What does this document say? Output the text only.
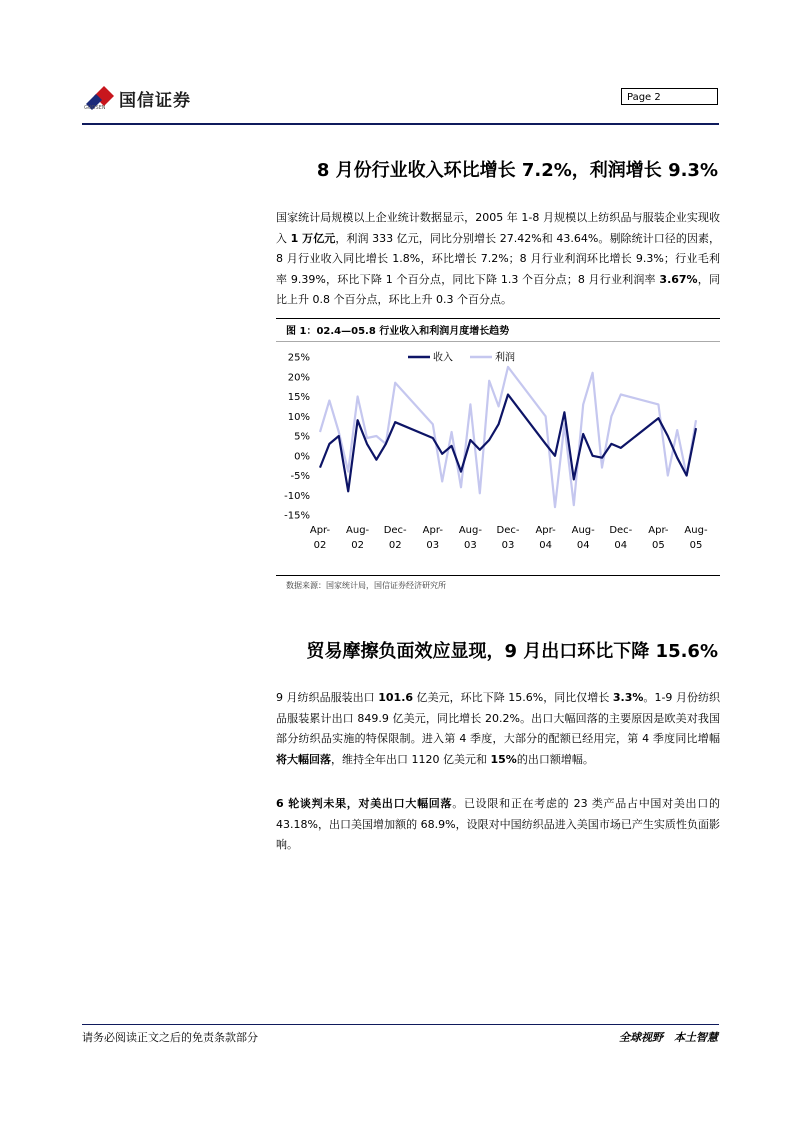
国信证券
GUOSEN
Page 2
8 月份行业收入环比增长 7.2%，利润增长 9.3%
国家统计局规模以上企业统计数据显示，2005 年 1-8 月规模以上纺织品与服装企业实现收入 1 万亿元，利润 333 亿元，同比分别增长 27.42%和 43.64%。剔除统计口径的因素，8 月行业收入同比增长 1.8%，环比增长 7.2%；8 月行业利润环比增长 9.3%；行业毛利率 9.39%，环比下降 1 个百分点，同比下降 1.3 个百分点；8 月行业利润率 3.67%，同比上升 0.8 个百分点，环比上升 0.3 个百分点。
图 1：02.4—05.8 行业收入和利润月度增长趋势
25%
20%
15%
10%
5%
0%
-5%
-10%
-15%
Apr-
02
Aug-
02
Dec-
02
Apr-
03
Aug-
03
Dec-
03
Apr-
04
Aug-
04
Dec-
04
Apr-
05
Aug-
05
收入	利润
数据来源：国家统计局，国信证券经济研究所
贸易摩擦负面效应显现，9 月出口环比下降 15.6%
9 月纺织品服装出口 101.6 亿美元，环比下降 15.6%，同比仅增长 3.3%。1-9 月份纺织品服装累计出口 849.9 亿美元，同比增长 20.2%。出口大幅回落的主要原因是欧美对我国部分纺织品实施的特保限制。进入第 4 季度，大部分的配额已经用完，第 4 季度同比增幅将大幅回落，维持全年出口 1120 亿美元和 15%的出口额增幅。
6 轮谈判未果，对美出口大幅回落。已设限和正在考虑的 23 类产品占中国对美出口的 43.18%，出口美国增加额的 68.9%，设限对中国纺织品进入美国市场已产生实质性负面影响。
请务必阅读正文之后的免责条款部分	全球视野　本土智慧
